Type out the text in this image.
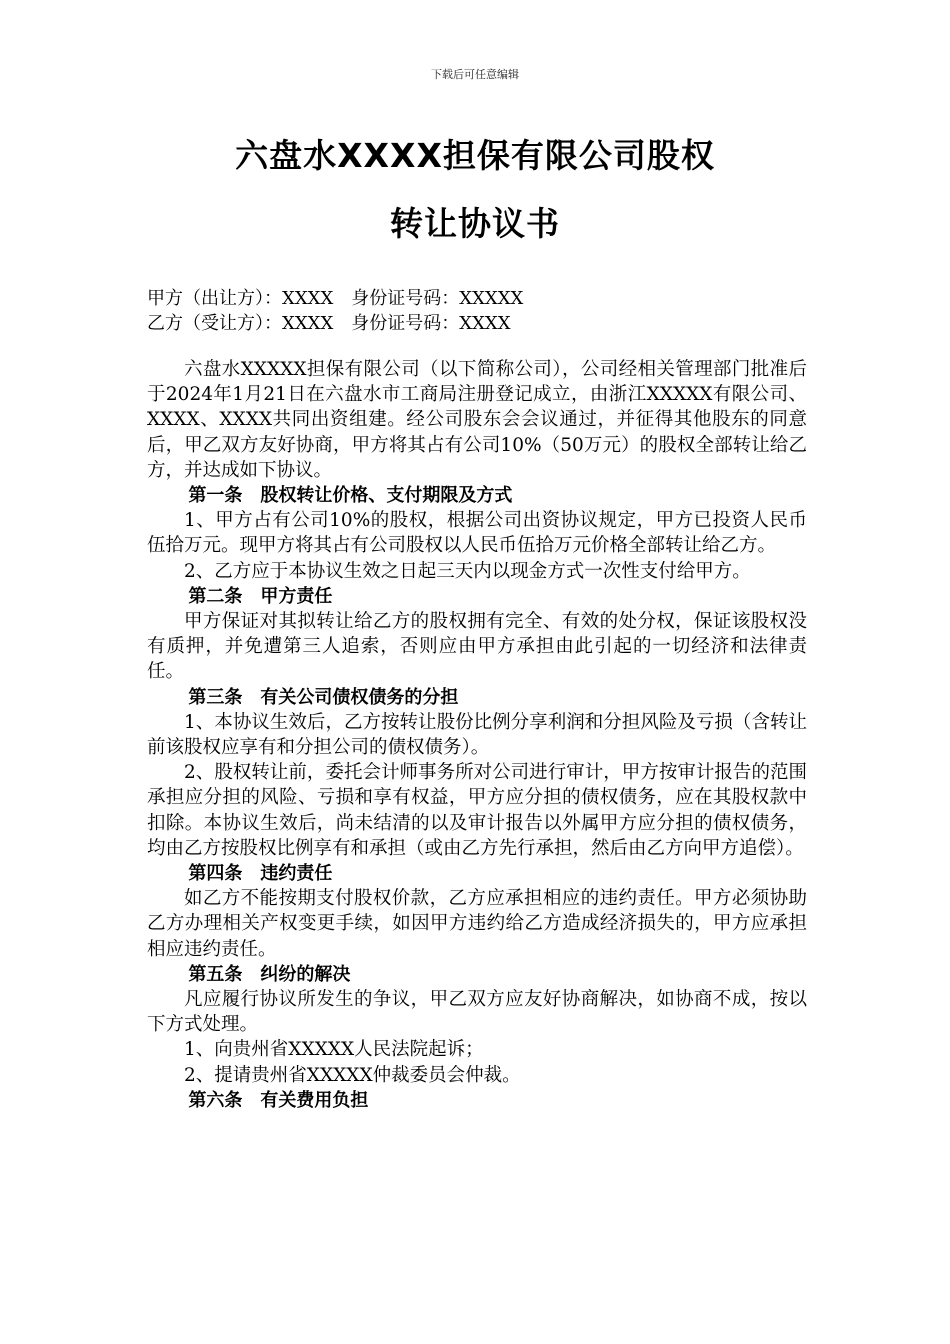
下载后可任意编辑
六盘水XXXX担保有限公司股权
转让协议书
甲方（出让方）：XXXX　身份证号码：XXXXX
乙方（受让方）：XXXX　身份证号码：XXXX

六盘水XXXXX担保有限公司（以下简称公司），公司经相关管理部门批准后于2024年1月21日在六盘水市工商局注册登记成立，由浙江XXXXX有限公司、XXXX、XXXX共同出资组建。经公司股东会会议通过，并征得其他股东的同意后，甲乙双方友好协商，甲方将其占有公司10%（50万元）的股权全部转让给乙方，并达成如下协议。

第一条　股权转让价格、支付期限及方式

1、甲方占有公司10%的股权，根据公司出资协议规定，甲方已投资人民币伍拾万元。现甲方将其占有公司股权以人民币伍拾万元价格全部转让给乙方。

2、乙方应于本协议生效之日起三天内以现金方式一次性支付给甲方。

第二条　甲方责任

甲方保证对其拟转让给乙方的股权拥有完全、有效的处分权，保证该股权没有质押，并免遭第三人追索，否则应由甲方承担由此引起的一切经济和法律责任。

第三条　有关公司债权债务的分担

1、本协议生效后，乙方按转让股份比例分享利润和分担风险及亏损（含转让前该股权应享有和分担公司的债权债务）。

2、股权转让前，委托会计师事务所对公司进行审计，甲方按审计报告的范围承担应分担的风险、亏损和享有权益，甲方应分担的债权债务，应在其股权款中扣除。本协议生效后，尚未结清的以及审计报告以外属甲方应分担的债权债务，均由乙方按股权比例享有和承担（或由乙方先行承担，然后由乙方向甲方追偿）。

第四条　违约责任

如乙方不能按期支付股权价款，乙方应承担相应的违约责任。甲方必须协助乙方办理相关产权变更手续，如因甲方违约给乙方造成经济损失的，甲方应承担相应违约责任。

第五条　纠纷的解决

凡应履行协议所发生的争议，甲乙双方应友好协商解决，如协商不成，按以下方式处理。

1、向贵州省XXXXX人民法院起诉；

2、提请贵州省XXXXX仲裁委员会仲裁。

第六条　有关费用负担
